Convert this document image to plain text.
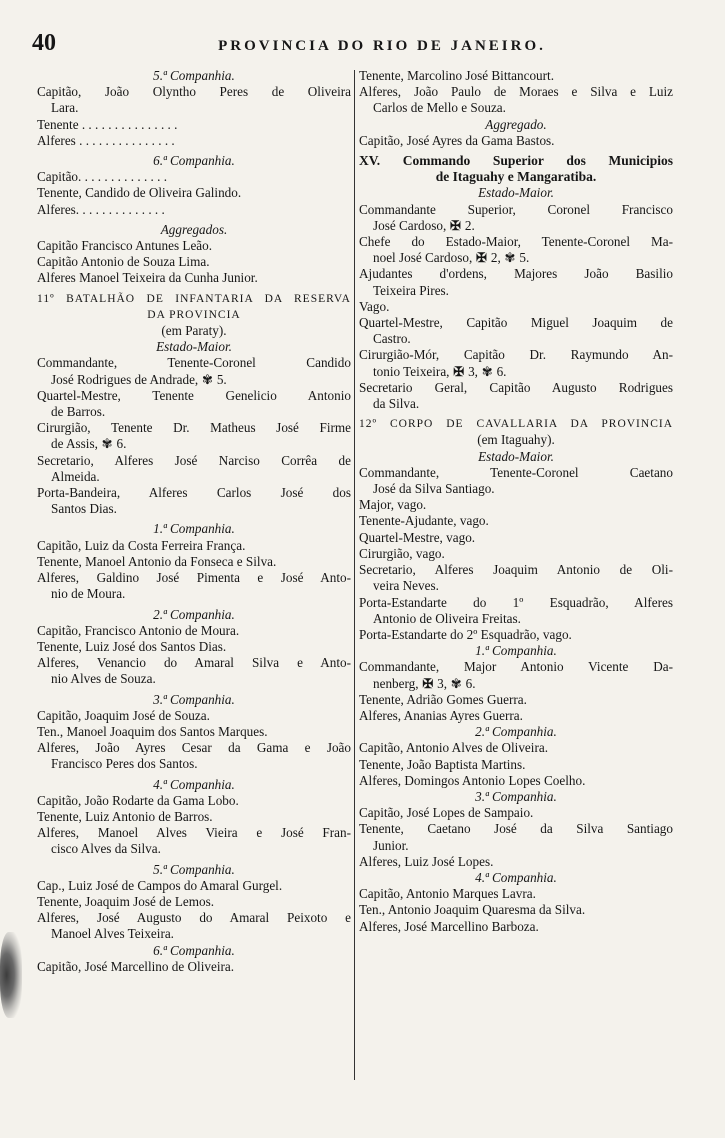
40	PROVINCIA DO RIO DE JANEIRO.
5.ª Companhia.
Capitão, João Olyntho Peres de Oliveira
Lara.
Tenente . . . . . . . . . . . . . . .
Alferes . . . . . . . . . . . . . . .
6.ª Companhia.
Capitão. . . . . . . . . . . . . .
Tenente, Candido de Oliveira Galindo.
Alferes. . . . . . . . . . . . . .
Aggregados.
Capitão Francisco Antunes Leão.
Capitão Antonio de Souza Lima.
Alferes Manoel Teixeira da Cunha Junior.
11º BATALHÃO DE INFANTARIA DA RESERVA
DA PROVINCIA
(em Paraty).
Estado-Maior.
Commandante, Tenente-Coronel Candido
José Rodrigues de Andrade, ✾ 5.
Quartel-Mestre, Tenente Genelicio Antonio
de Barros.
Cirurgião, Tenente Dr. Matheus José Firme
de Assis, ✾ 6.
Secretario, Alferes José Narciso Corrêa de
Almeida.
Porta-Bandeira, Alferes Carlos José dos
Santos Dias.
1.ª Companhia.
Capitão, Luiz da Costa Ferreira França.
Tenente, Manoel Antonio da Fonseca e Silva.
Alferes, Galdino José Pimenta e José Anto-
nio de Moura.
2.ª Companhia.
Capitão, Francisco Antonio de Moura.
Tenente, Luiz José dos Santos Dias.
Alferes, Venancio do Amaral Silva e Anto-
nio Alves de Souza.
3.ª Companhia.
Capitão, Joaquim José de Souza.
Ten., Manoel Joaquim dos Santos Marques.
Alferes, João Ayres Cesar da Gama e João
Francisco Peres dos Santos.
4.ª Companhia.
Capitão, João Rodarte da Gama Lobo.
Tenente, Luiz Antonio de Barros.
Alferes, Manoel Alves Vieira e José Fran-
cisco Alves da Silva.
5.ª Companhia.
Cap., Luiz José de Campos do Amaral Gurgel.
Tenente, Joaquim José de Lemos.
Alferes, José Augusto do Amaral Peixoto e
Manoel Alves Teixeira.
6.ª Companhia.
Capitão, José Marcellino de Oliveira.
Tenente, Marcolino José Bittancourt.
Alferes, João Paulo de Moraes e Silva e Luiz
Carlos de Mello e Souza.
Aggregado.
Capitão, José Ayres da Gama Bastos.
XV. Commando Superior dos Municipios
de Itaguahy e Mangaratiba.
Estado-Maior.
Commandante Superior, Coronel Francisco
José Cardoso, ✠ 2.
Chefe do Estado-Maior, Tenente-Coronel Ma-
noel José Cardoso, ✠ 2, ✾ 5.
Ajudantes d'ordens, Majores João Basilio
Teixeira Pires.
Vago.
Quartel-Mestre, Capitão Miguel Joaquim de
Castro.
Cirurgião-Mór, Capitão Dr. Raymundo An-
tonio Teixeira, ✠ 3, ✾ 6.
Secretario Geral, Capitão Augusto Rodrigues
da Silva.
12º CORPO DE CAVALLARIA DA PROVINCIA
(em Itaguahy).
Estado-Maior.
Commandante, Tenente-Coronel Caetano
José da Silva Santiago.
Major, vago.
Tenente-Ajudante, vago.
Quartel-Mestre, vago.
Cirurgião, vago.
Secretario, Alferes Joaquim Antonio de Oli-
veira Neves.
Porta-Estandarte do 1º Esquadrão, Alferes
Antonio de Oliveira Freitas.
Porta-Estandarte do 2º Esquadrão, vago.
1.ª Companhia.
Commandante, Major Antonio Vicente Da-
nenberg, ✠ 3, ✾ 6.
Tenente, Adrião Gomes Guerra.
Alferes, Ananias Ayres Guerra.
2.ª Companhia.
Capitão, Antonio Alves de Oliveira.
Tenente, João Baptista Martins.
Alferes, Domingos Antonio Lopes Coelho.
3.ª Companhia.
Capitão, José Lopes de Sampaio.
Tenente, Caetano José da Silva Santiago
Junior.
Alferes, Luiz José Lopes.
4.ª Companhia.
Capitão, Antonio Marques Lavra.
Ten., Antonio Joaquim Quaresma da Silva.
Alferes, José Marcellino Barboza.
